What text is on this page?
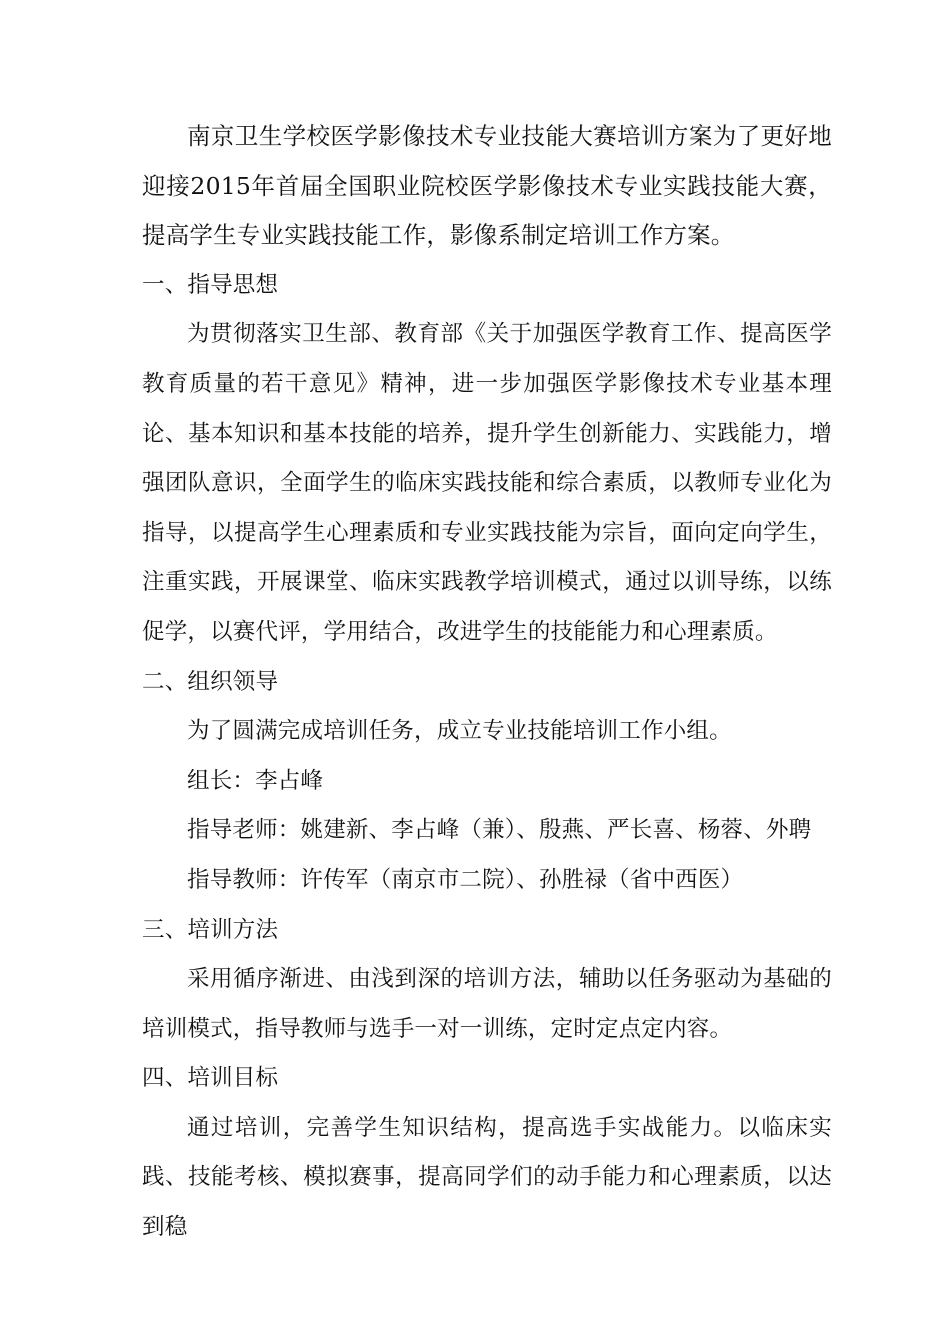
南京卫生学校医学影像技术专业技能大赛培训方案为了更好地迎接2015年首届全国职业院校医学影像技术专业实践技能大赛，提高学生专业实践技能工作，影像系制定培训工作方案。

一、指导思想

为贯彻落实卫生部、教育部《关于加强医学教育工作、提高医学教育质量的若干意见》精神，进一步加强医学影像技术专业基本理论、基本知识和基本技能的培养，提升学生创新能力、实践能力，增强团队意识，全面学生的临床实践技能和综合素质，以教师专业化为指导，以提高学生心理素质和专业实践技能为宗旨，面向定向学生，注重实践，开展课堂、临床实践教学培训模式，通过以训导练，以练促学，以赛代评，学用结合，改进学生的技能能力和心理素质。

二、组织领导

为了圆满完成培训任务，成立专业技能培训工作小组。

组长：李占峰

指导老师：姚建新、李占峰（兼）、殷燕、严长喜、杨蓉、外聘

指导教师：许传军（南京市二院）、孙胜禄（省中西医）

三、培训方法

采用循序渐进、由浅到深的培训方法，辅助以任务驱动为基础的培训模式，指导教师与选手一对一训练，定时定点定内容。

四、培训目标

通过培训，完善学生知识结构，提高选手实战能力。以临床实践、技能考核、模拟赛事，提高同学们的动手能力和心理素质，以达到稳
